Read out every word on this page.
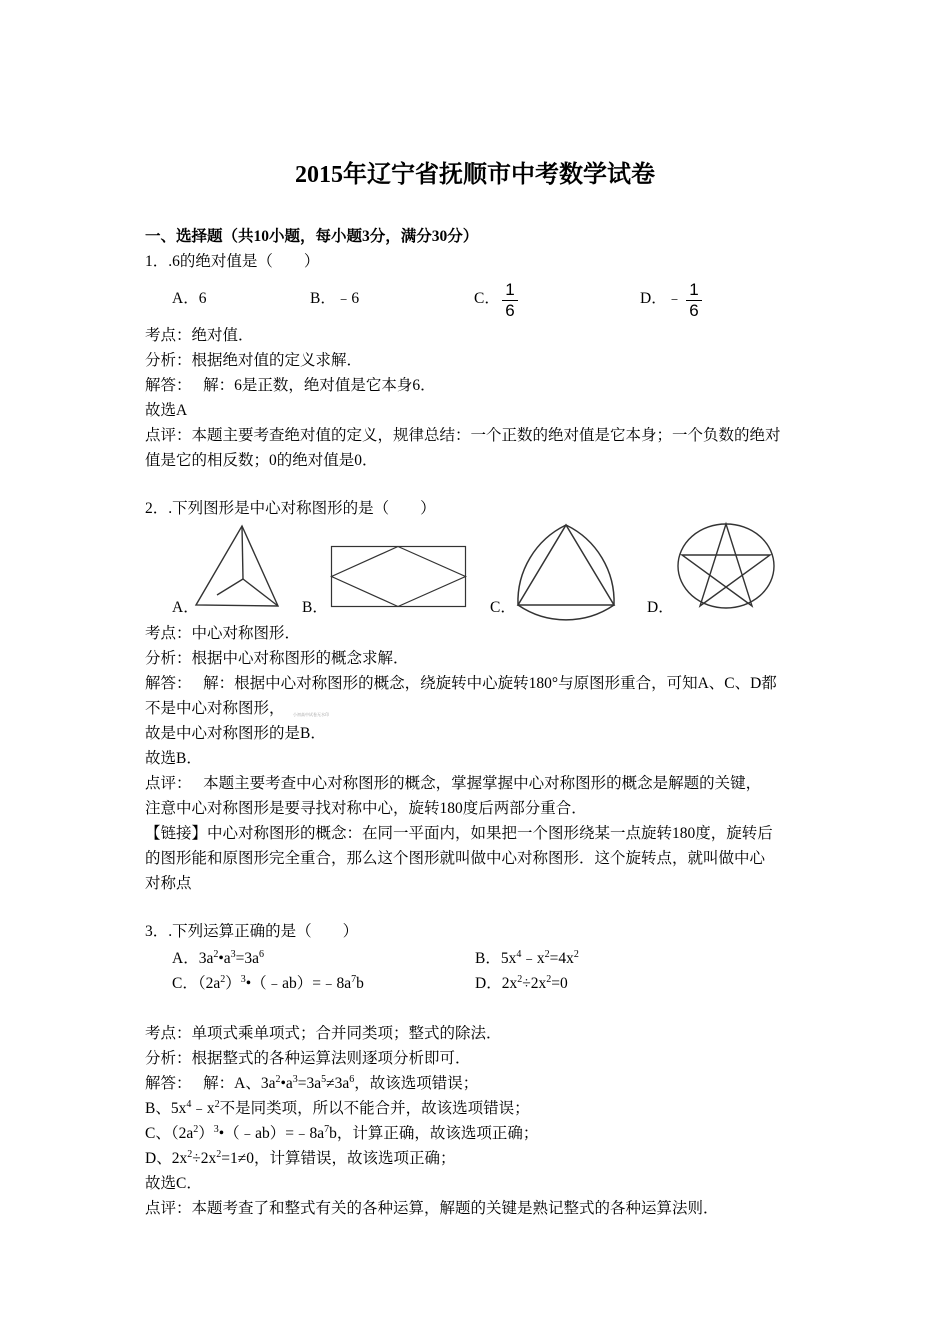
2015年辽宁省抚顺市中考数学试卷
一、选择题（共10小题，每小题3分，满分30分）
1．.6的绝对值是（　　）
A．6	B．﹣6	C． 1
6
D．﹣ 1
6
考点：绝对值．
分析：根据绝对值的定义求解．
解答：　 解：6是正数，绝对值是它本身6．
故选A
点评：本题主要考查绝对值的定义，规律总结：一个正数的绝对值是它本身；一个负数的绝对
值是它的相反数；0的绝对值是0．
2．.下列图形是中心对称图形的是（　　）
A．	B．	C．	D．
考点：中心对称图形．
分析：根据中心对称图形的概念求解．
解答：　 解：根据中心对称图形的概念，绕旋转中心旋转180°与原图形重合，可知A、C、D都
不是中心对称图形， 小初高中试卷无水印
故是中心对称图形的是B．
故选B．
点评：　 本题主要考查中心对称图形的概念，掌握掌握中心对称图形的概念是解题的关键，
注意中心对称图形是要寻找对称中心，旋转180度后两部分重合．
【链接】中心对称图形的概念：在同一平面内，如果把一个图形绕某一点旋转180度，旋转后
的图形能和原图形完全重合，那么这个图形就叫做中心对称图形．这个旋转点，就叫做中心
对称点
3．.下列运算正确的是（　　）
A．$3a^2•a^3=3a^6$	B．$5x^4﹣x^2=4x^2$
C．$(2a^2)^3•(﹣ab)=﹣8a^7b$	D．$2x^2\div 2x^2=0$
考点：单项式乘单项式；合并同类项；整式的除法．
分析：根据整式的各种运算法则逐项分析即可．
解答：　 解：A、$3a^2•a^3=3a^5\ne 3a^6$，故该选项错误；
B、$5x^4﹣x^2$不是同类项，所以不能合并，故该选项错误；
C、$(2a^2)^3•(﹣ab)=﹣8a^7b$，计算正确，故该选项正确；
D、$2x^2\div 2x^2=1\ne 0$，计算错误，故该选项正确；
故选C．
点评：本题考查了和整式有关的各种运算，解题的关键是熟记整式的各种运算法则．
